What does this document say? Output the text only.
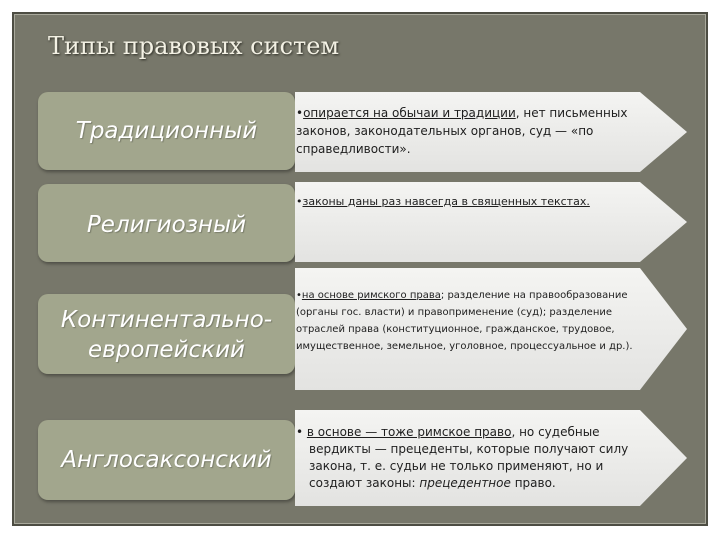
Типы правовых систем
Традиционный
•опирается на обычаи и традиции, нет письменных законов, законодательных органов, суд — «по справедливости».
Религиозный
•законы даны раз навсегда в священных текстах.
Континентально-
европейский
•на основе римского права; разделение на правообразование (органы гос. власти) и правоприменение (суд); разделение отраслей права (конституционное, гражданское, трудовое, имущественное, земельное, уголовное, процессуальное и др.).
Англосаксонский
• в основе — тоже римское право, но судебные вердикты — прецеденты, которые получают силу закона, т. е. судьи не только применяют, но и создают законы: прецедентное право.
